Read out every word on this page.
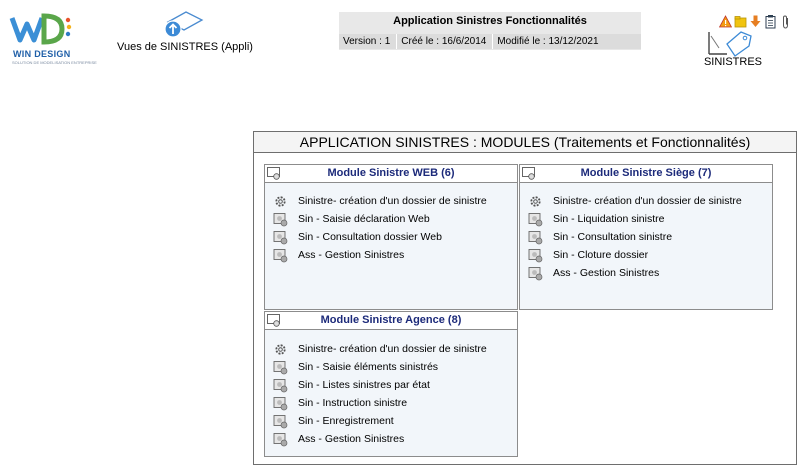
WIN DESIGN
SOLUTION DE MODELISATION ENTREPRISE
Vues de SINISTRES (Appli)
Application Sinistres Fonctionnalités
Version : 1	Créé le : 16/6/2014	Modifié le : 13/12/2021
SINISTRES
APPLICATION SINISTRES : MODULES (Traitements et Fonctionnalités)
Module Sinistre WEB (6)
Sinistre- création d'un dossier de sinistre
Sin - Saisie déclaration Web
Sin - Consultation dossier Web
Ass - Gestion Sinistres
Module Sinistre Siège (7)
Sinistre- création d'un dossier de sinistre
Sin - Liquidation sinistre
Sin - Consultation sinistre
Sin - Cloture dossier
Ass - Gestion Sinistres
Module Sinistre Agence (8)
Sinistre- création d'un dossier de sinistre
Sin - Saisie éléments sinistrés
Sin - Listes sinistres par état
Sin - Instruction sinistre
Sin - Enregistrement
Ass - Gestion Sinistres
